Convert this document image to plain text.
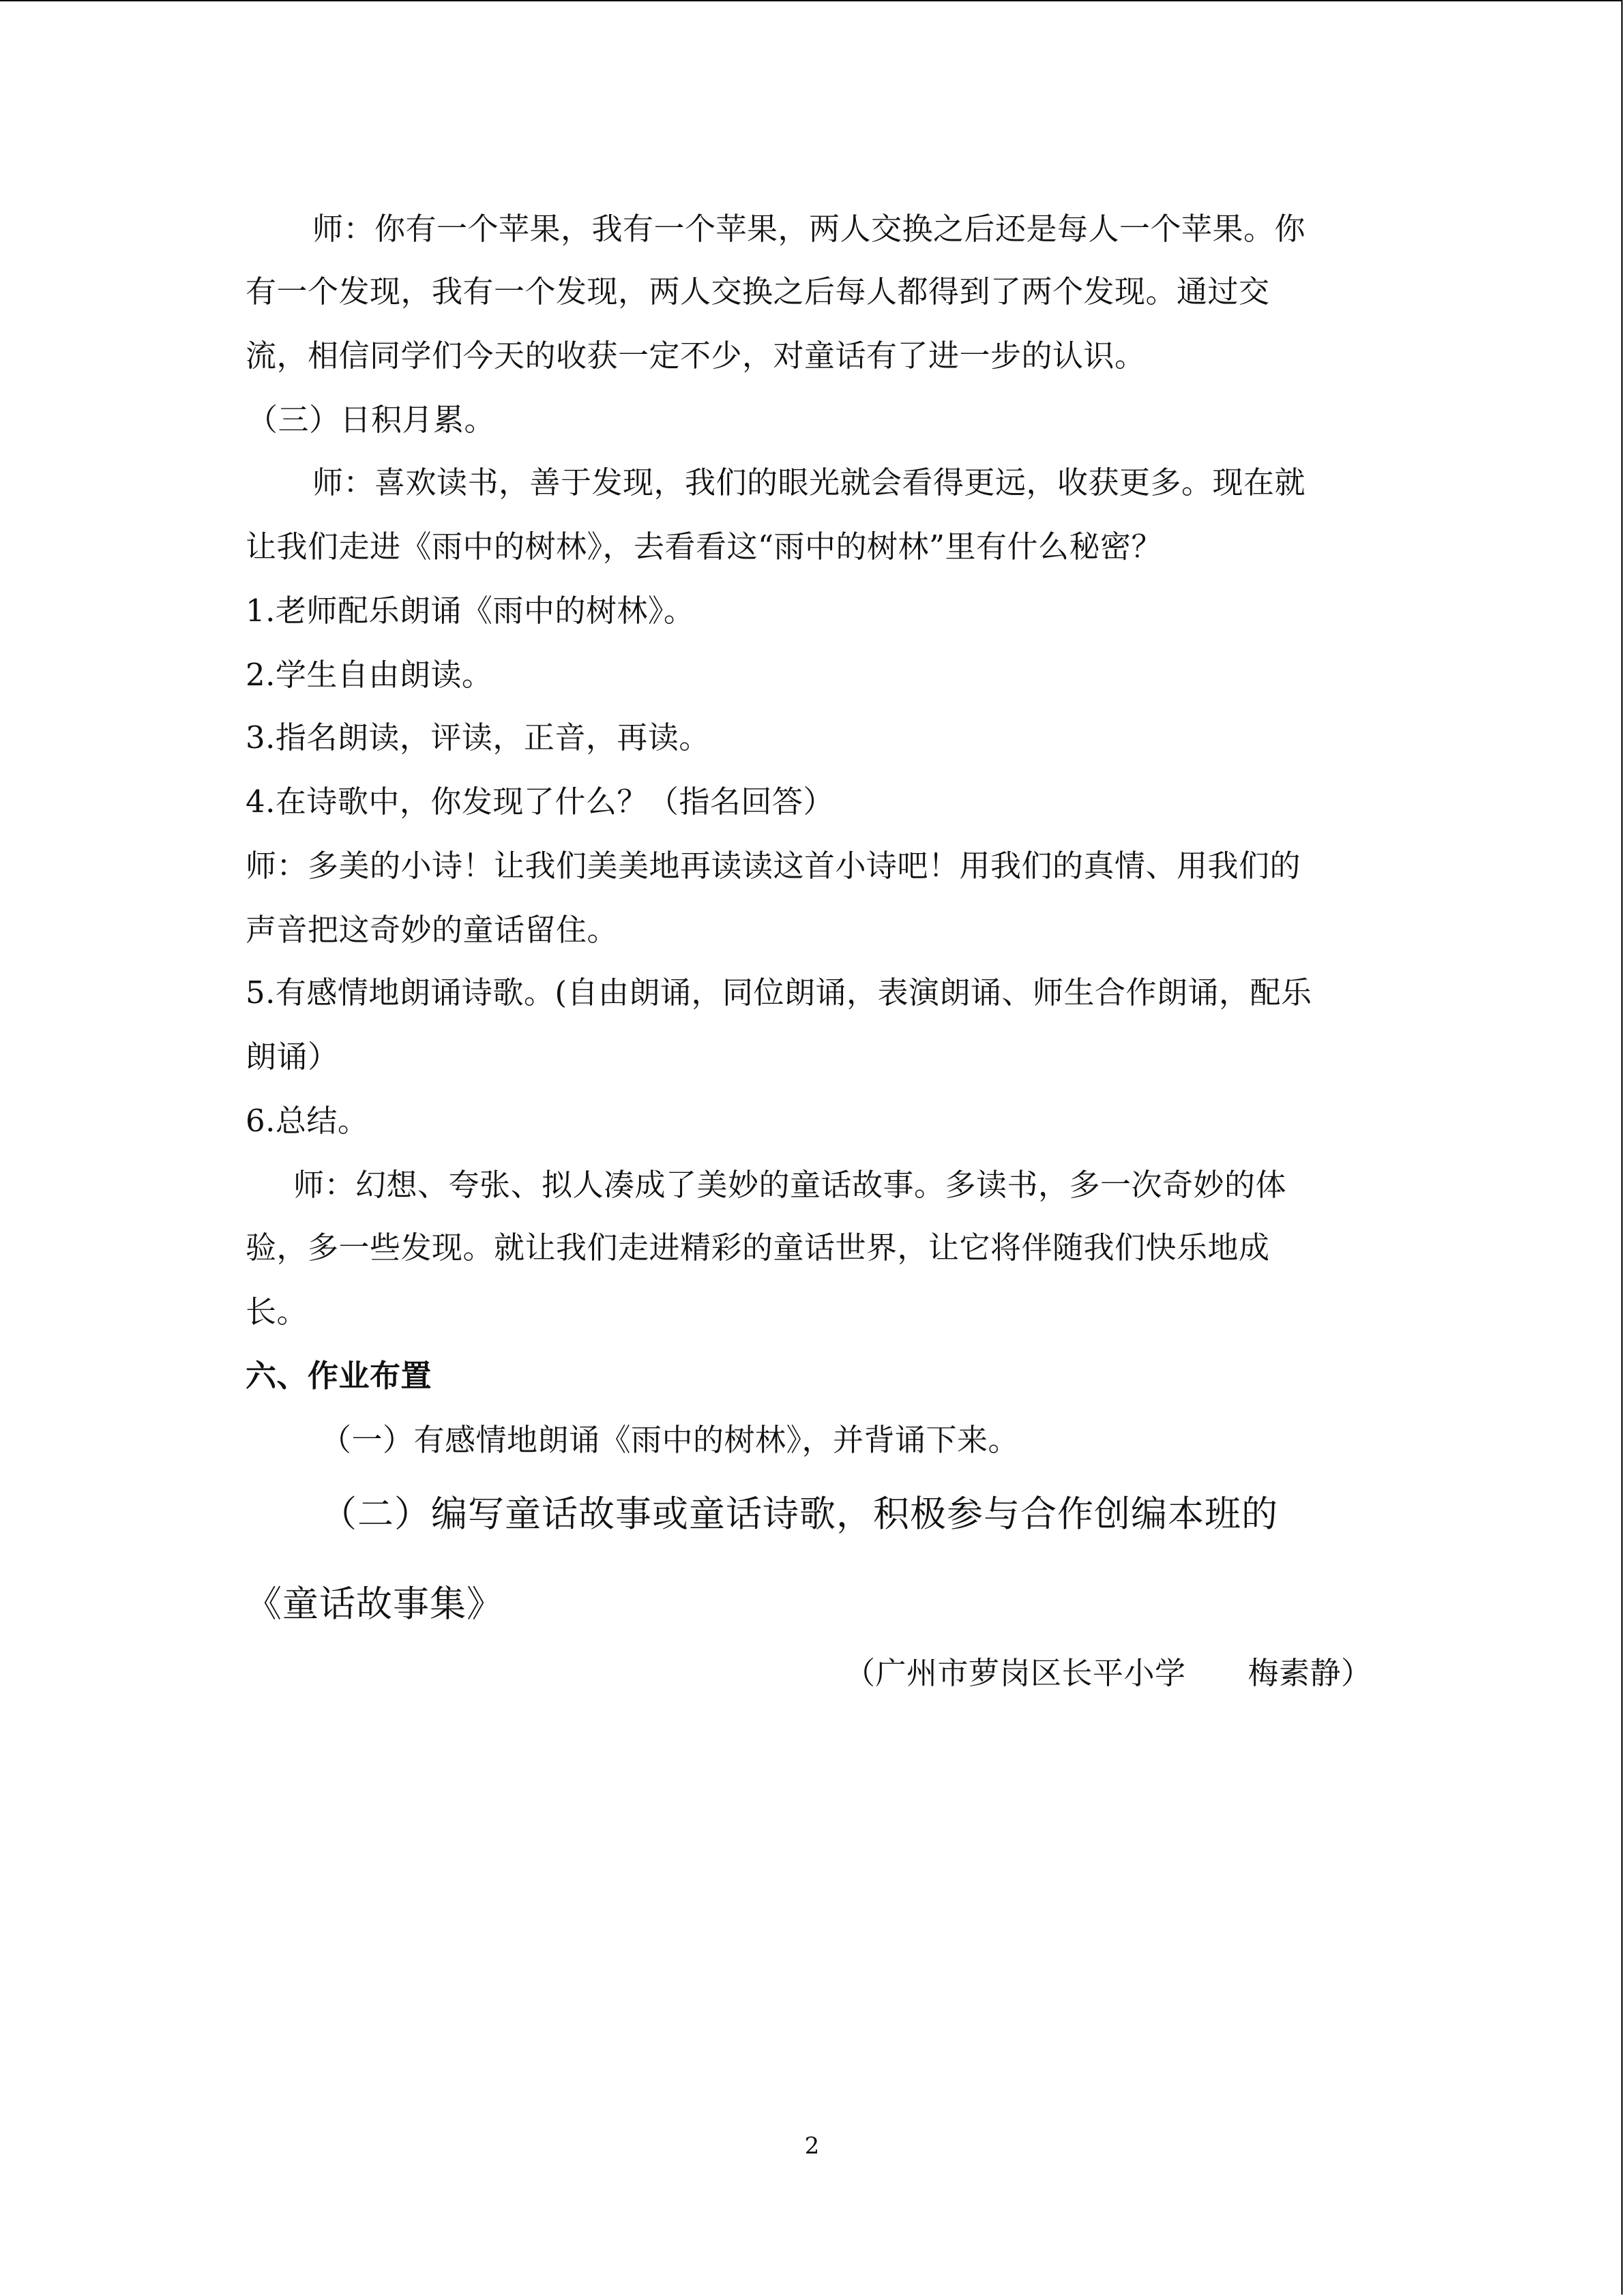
师：你有一个苹果，我有一个苹果，两人交换之后还是每人一个苹果。你
有一个发现，我有一个发现，两人交换之后每人都得到了两个发现。通过交
流，相信同学们今天的收获一定不少，对童话有了进一步的认识。
（三）日积月累。
师：喜欢读书，善于发现，我们的眼光就会看得更远，收获更多。现在就
让我们走进《雨中的树林》，去看看这“雨中的树林”里有什么秘密？
1.老师配乐朗诵《雨中的树林》。
2.学生自由朗读。
3.指名朗读，评读，正音，再读。
4.在诗歌中，你发现了什么？（指名回答）
师：多美的小诗！让我们美美地再读读这首小诗吧！用我们的真情、用我们的
声音把这奇妙的童话留住。
5.有感情地朗诵诗歌。(自由朗诵，同位朗诵，表演朗诵、师生合作朗诵，配乐
朗诵）
6.总结。
师：幻想、夸张、拟人凑成了美妙的童话故事。多读书，多一次奇妙的体
验，多一些发现。就让我们走进精彩的童话世界，让它将伴随我们快乐地成
长。
六、作业布置
（一）有感情地朗诵《雨中的树林》，并背诵下来。
（二）编写童话故事或童话诗歌，积极参与合作创编本班的
《童话故事集》
（广州市萝岗区长平小学　　梅素静）
2
